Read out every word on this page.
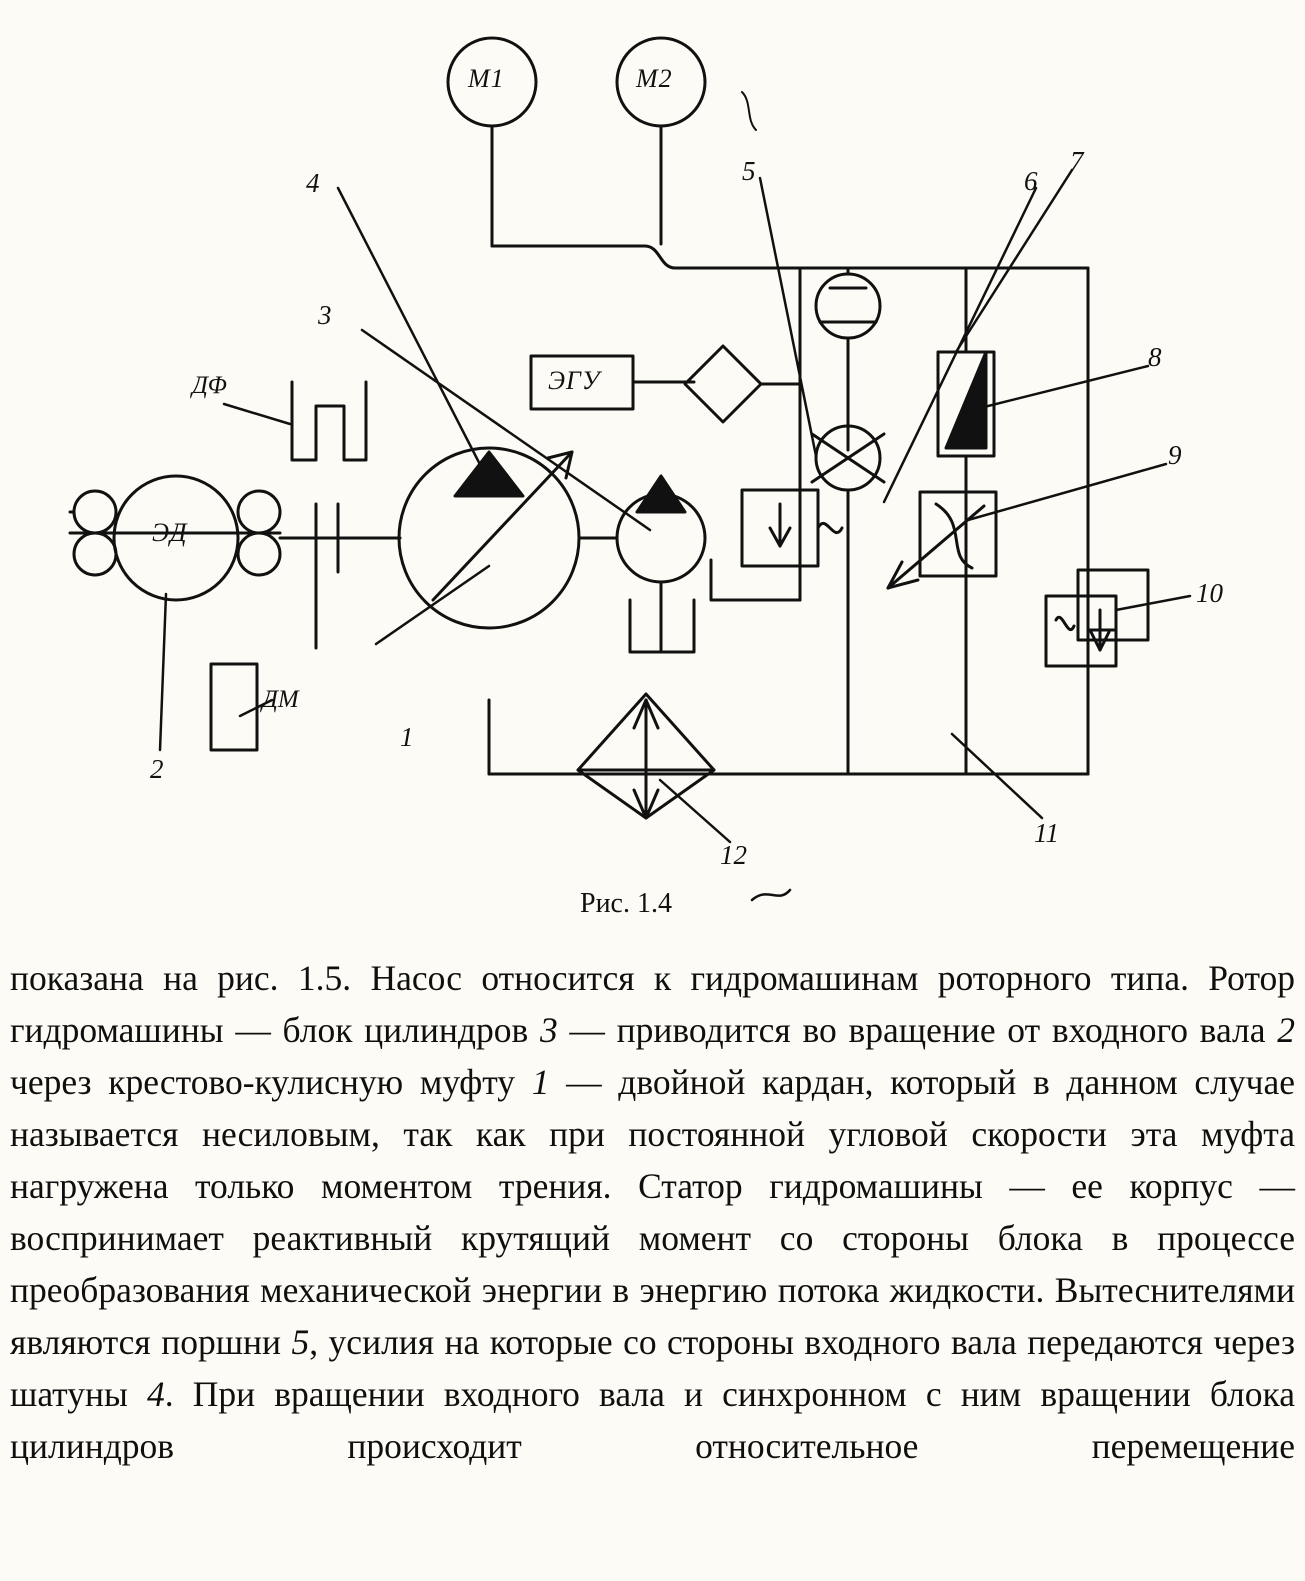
M1	M2
ЭГУ
ЭД
ДΦ
ДМ
4
3
1
2
5	6
7
8
9
10
11
12
Рис. 1.4

показана на рис. 1.5. Насос относится к гидромашинам роторного типа. Ротор гидромашины — блок цилиндров 3 — приводится во вращение от входного вала 2 через крестово-кулисную муфту 1 — двойной кардан, который в данном случае называется несиловым, так как при постоянной угловой скорости эта муфта нагружена только моментом трения. Статор гидромашины — ее корпус — воспринимает реактивный крутящий момент со стороны блока в процессе преобразования механической энергии в энергию потока жидкости. Вытеснителями являются поршни 5, усилия на которые со стороны входного вала передаются через шатуны 4. При вращении входного вала и синхронном с ним вращении блока цилиндров происходит относительное перемещение
